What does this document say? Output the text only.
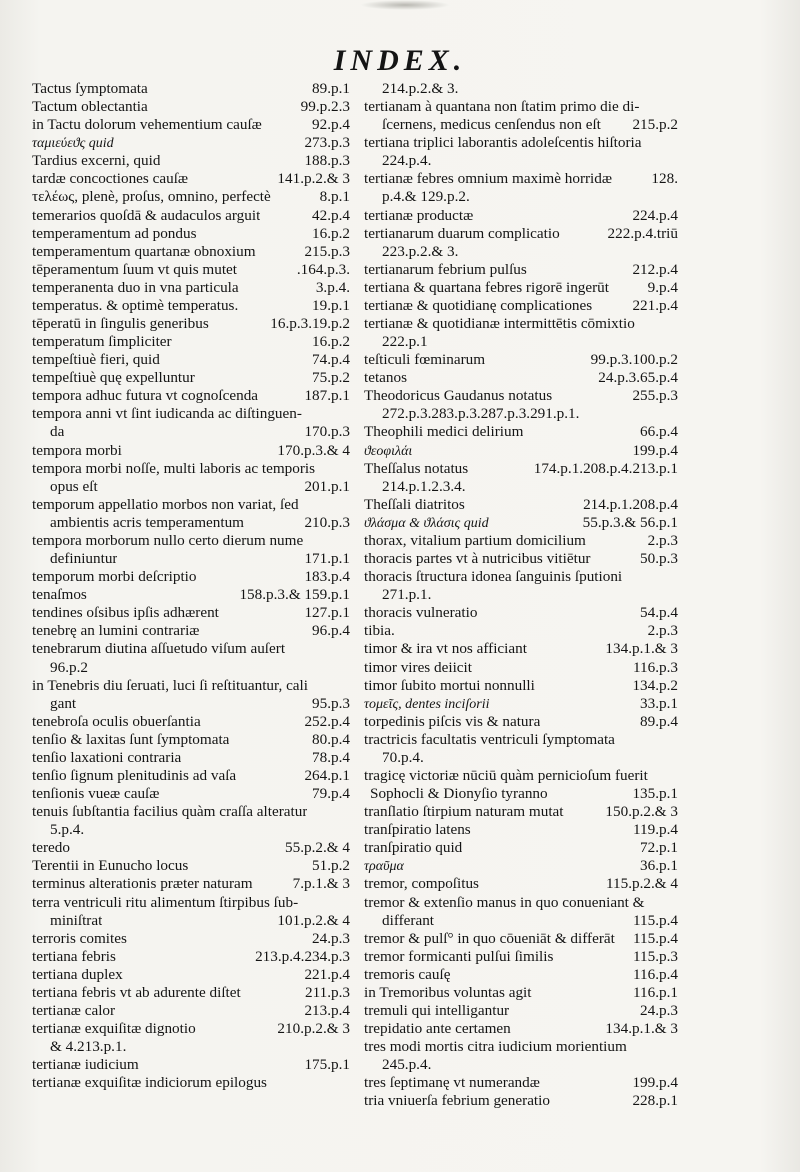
INDEX.
Tactus ſymptomata	89.p.1
Tactum oblectantia	99.p.2.3
in Tactu dolorum vehementium cauſæ	92.p.4
ταμιεύεϑς quid	273.p.3
Tardius excerni, quid	188.p.3
tardæ concoctiones cauſæ	141.p.2.& 3
τελέως, plenè, proſus, omnino, perfectè	8.p.1
temerarios quoſdā & audaculos arguit	42.p.4
temperamentum ad pondus	16.p.2
temperamentum quartanæ obnoxium	215.p.3
tēperamentum ſuum vt quis mutet	.164.p.3.
temperanenta duo in vna particula	3.p.4.
temperatus. & optimè temperatus.	19.p.1
tēperatū in ſingulis generibus	16.p.3.19.p.2
temperatum ſimpliciter	16.p.2
tempeſtiuè fieri, quid	74.p.4
tempeſtiuè quę expelluntur	75.p.2
tempora adhuc futura vt cognoſcenda	187.p.1
tempora anni vt ſint iudicanda ac diſtinguen-
da	170.p.3
tempora morbi	170.p.3.& 4
tempora morbi noſſe, multi laboris ac temporis
opus eſt	201.p.1
temporum appellatio morbos non variat, ſed
ambientis acris temperamentum	210.p.3
tempora morborum nullo certo dierum nume
definiuntur	171.p.1
temporum morbi deſcriptio	183.p.4
tenaſmos	158.p.3.& 159.p.1
tendines oſsibus ipſis adhærent	127.p.1
tenebrę an lumini contrariæ	96.p.4
tenebrarum diutina aſſuetudo viſum auſert
96.p.2
in Tenebris diu ſeruati, luci ſi reſtituantur, cali
gant	95.p.3
tenebroſa oculis obuerſantia	252.p.4
tenſio & laxitas ſunt ſymptomata	80.p.4
tenſio laxationi contraria	78.p.4
tenſio ſignum plenitudinis ad vaſa	264.p.1
tenſionis vueæ cauſæ	79.p.4
tenuis ſubſtantia facilius quàm craſſa alteratur
5.p.4.
teredo	55.p.2.& 4
Terentii in Eunucho locus	51.p.2
terminus alterationis præter naturam	7.p.1.& 3
terra ventriculi ritu alimentum ſtirpibus ſub-
miniſtrat	101.p.2.& 4
terroris comites	24.p.3
tertiana febris	213.p.4.234.p.3
tertiana duplex	221.p.4
tertiana febris vt ab adurente diſtet	211.p.3
tertianæ calor	213.p.4
tertianæ exquiſitæ dignotio	210.p.2.& 3
& 4.213.p.1.
tertianæ iudicium	175.p.1
tertianæ exquiſitæ indiciorum epilogus
214.p.2.& 3.
tertianam à quantana non ſtatim primo die di-
ſcernens, medicus cenſendus non eſt	215.p.2
tertiana triplici laborantis adoleſcentis hiſtoria
224.p.4.
tertianæ febres omnium maximè horridæ	128.
p.4.& 129.p.2.
tertianæ productæ	224.p.4
tertianarum duarum complicatio	222.p.4.triū
223.p.2.& 3.
tertianarum febrium pulſus	212.p.4
tertiana & quartana febres rigorē ingerūt	9.p.4
tertianæ & quotidianę complicationes	221.p.4
tertianæ & quotidianæ intermittētis cōmixtio
222.p.1
teſticuli fœminarum	99.p.3.100.p.2
tetanos	24.p.3.65.p.4
Theodoricus Gaudanus notatus	255.p.3
272.p.3.283.p.3.287.p.3.291.p.1.
Theophili medici delirium	66.p.4
ϑεοφιλάι	199.p.4
Theſſalus notatus	174.p.1.208.p.4.213.p.1
214.p.1.2.3.4.
Theſſali diatritos	214.p.1.208.p.4
ϑλάσμα & ϑλάσις quid	55.p.3.& 56.p.1
thorax, vitalium partium domicilium	2.p.3
thoracis partes vt à nutricibus vitiētur	50.p.3
thoracis ſtructura idonea ſanguinis ſputioni
271.p.1.
thoracis vulneratio	54.p.4
tibia.	2.p.3
timor & ira vt nos afficiant	134.p.1.& 3
timor vires deiicit	116.p.3
timor ſubito mortui nonnulli	134.p.2
τομεῖς, dentes inciſorii	33.p.1
torpedinis piſcis vis & natura	89.p.4
tractricis facultatis ventriculi ſymptomata
70.p.4.
tragicę victoriæ nūciū quàm pernicioſum fuerit
Sophocli & Dionyſio tyranno	135.p.1
tranſlatio ſtirpium naturam mutat	150.p.2.& 3
tranſpiratio latens	119.p.4
tranſpiratio quid	72.p.1
τραῦμα	36.p.1
tremor, compoſitus	115.p.2.& 4
tremor & extenſio manus in quo conueniant &
differant	115.p.4
tremor & pulſ° in quo cōueniāt & differāt	115.p.4
tremor formicanti pulſui ſimilis	115.p.3
tremoris cauſę	116.p.4
in Tremoribus voluntas agit	116.p.1
tremuli qui intelligantur	24.p.3
trepidatio ante certamen	134.p.1.& 3
tres modi mortis citra iudicium morientium
245.p.4.
tres ſeptimanę vt numerandæ	199.p.4
tria vniuerſa febrium generatio	228.p.1
